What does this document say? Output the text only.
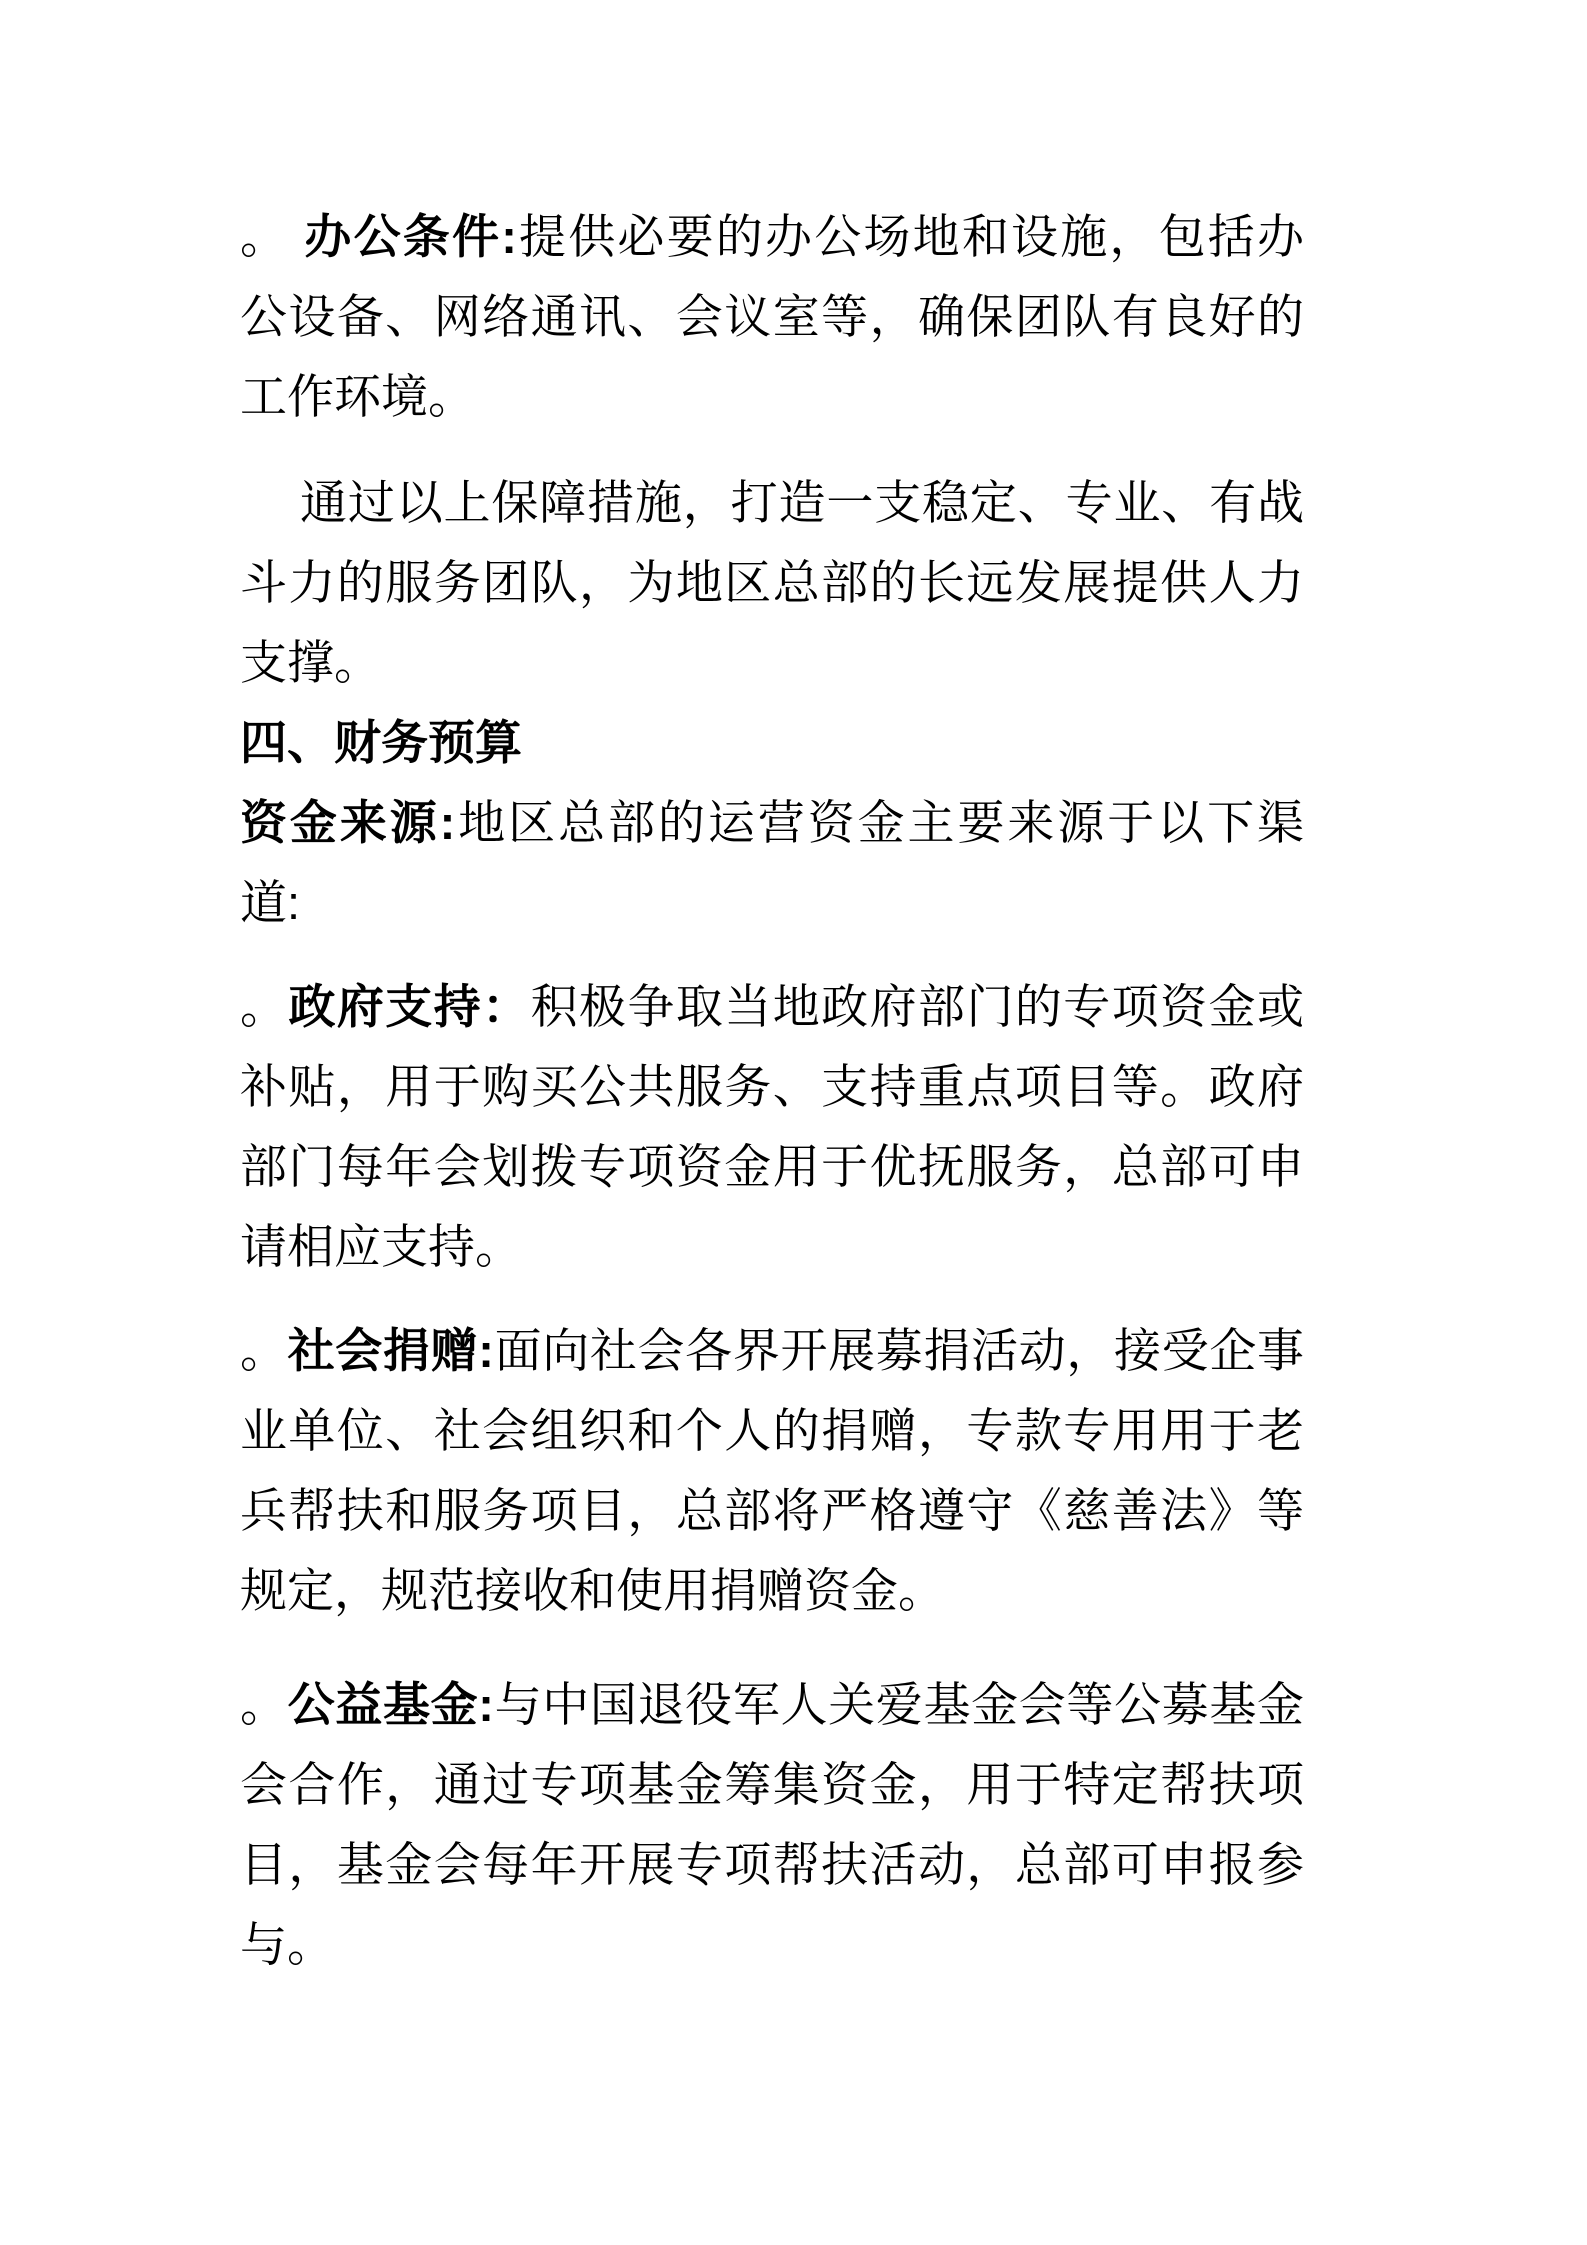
。 办公条件:提供必要的办公场地和设施，包括办
公设备、网络通讯、会议室等，确保团队有良好的
工作环境。
通过以上保障措施，打造一支稳定、专业、有战
斗力的服务团队，为地区总部的长远发展提供人力
支撑。
四、财务预算
资金来源:地区总部的运营资金主要来源于以下渠
道:
。政府支持：积极争取当地政府部门的专项资金或
补贴，用于购买公共服务、支持重点项目等。政府
部门每年会划拨专项资金用于优抚服务，总部可申
请相应支持。
。社会捐赠:面向社会各界开展募捐活动，接受企事
业单位、社会组织和个人的捐赠，专款专用用于老
兵帮扶和服务项目，总部将严格遵守《慈善法》等
规定，规范接收和使用捐赠资金。
。公益基金:与中国退役军人关爱基金会等公募基金
会合作，通过专项基金筹集资金，用于特定帮扶项
目，基金会每年开展专项帮扶活动，总部可申报参
与。
